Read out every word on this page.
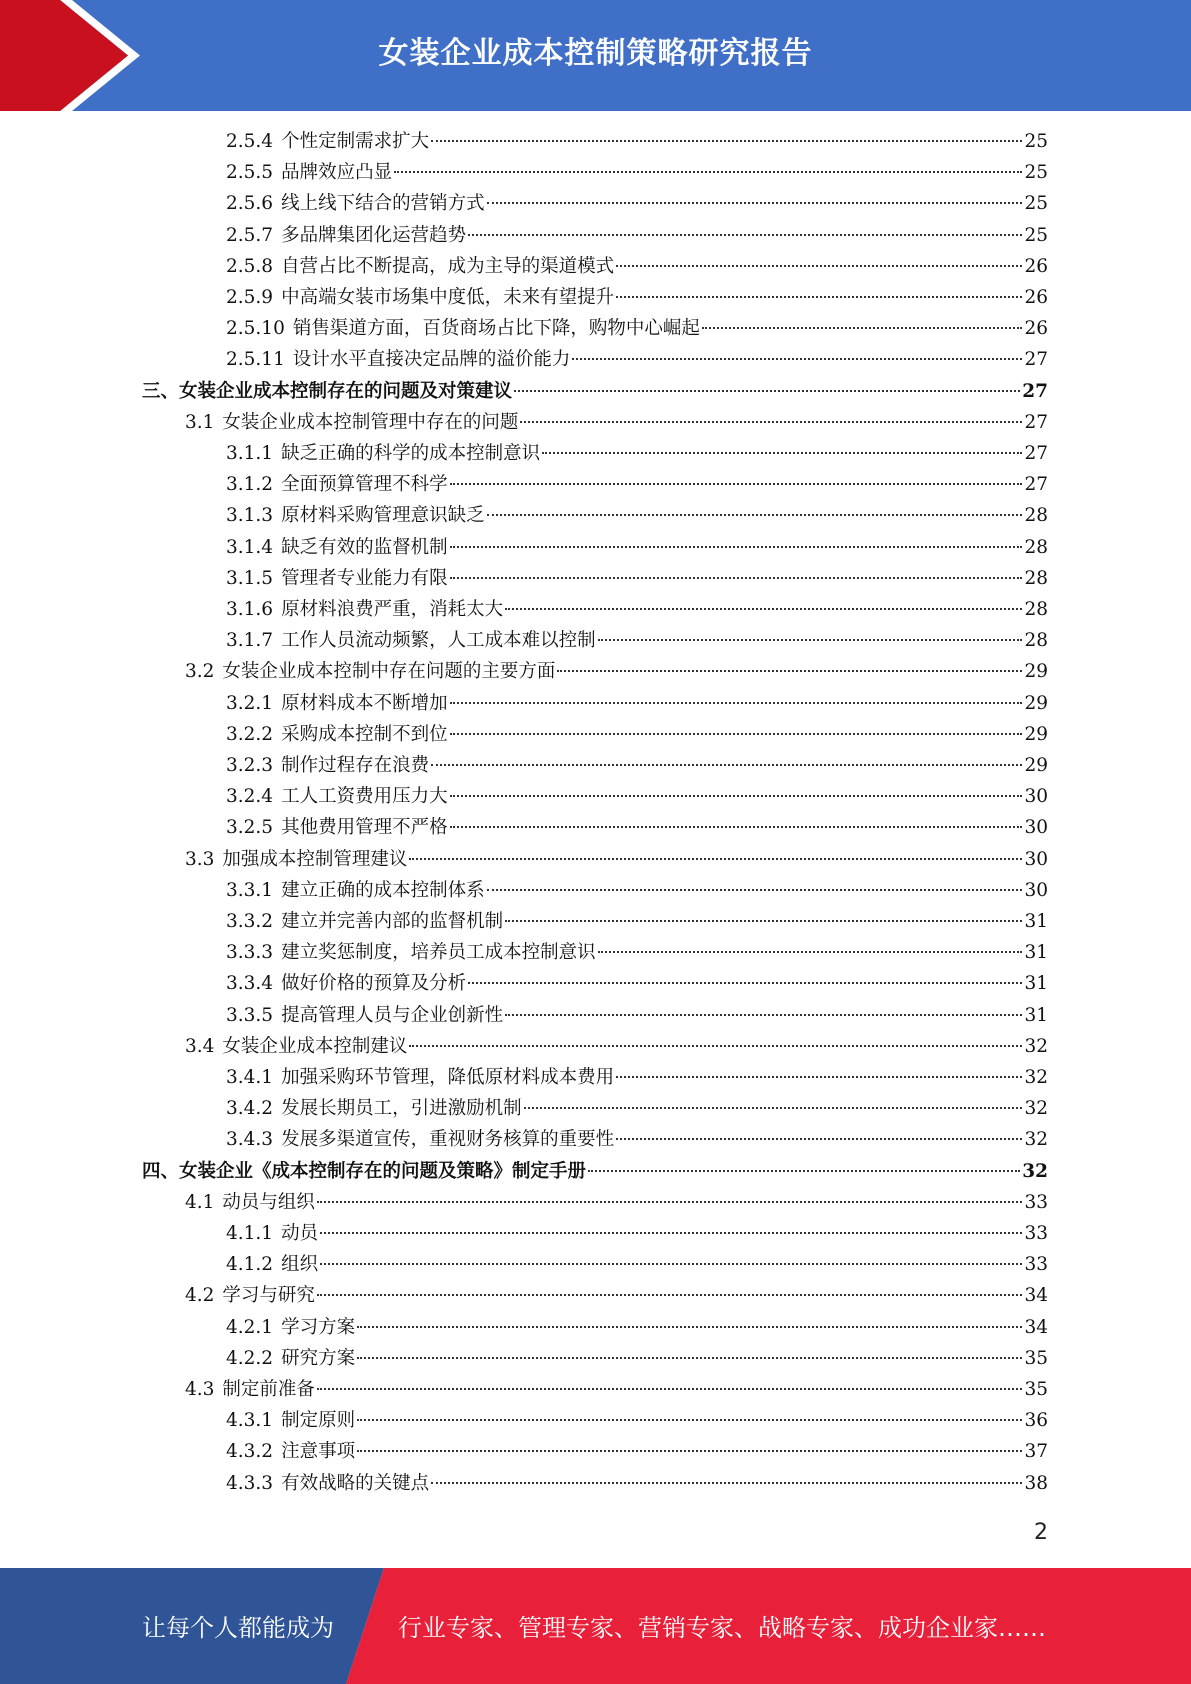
女装企业成本控制策略研究报告
2.5.4 个性定制需求扩大	25
2.5.5 品牌效应凸显	25
2.5.6 线上线下结合的营销方式	25
2.5.7 多品牌集团化运营趋势	25
2.5.8 自营占比不断提高，成为主导的渠道模式	26
2.5.9 中高端女装市场集中度低，未来有望提升	26
2.5.10 销售渠道方面，百货商场占比下降，购物中心崛起	26
2.5.11 设计水平直接决定品牌的溢价能力	27
三、女装企业成本控制存在的问题及对策建议	27
3.1 女装企业成本控制管理中存在的问题	27
3.1.1 缺乏正确的科学的成本控制意识	27
3.1.2 全面预算管理不科学	27
3.1.3 原材料采购管理意识缺乏	28
3.1.4 缺乏有效的监督机制	28
3.1.5 管理者专业能力有限	28
3.1.6 原材料浪费严重，消耗太大	28
3.1.7 工作人员流动频繁，人工成本难以控制	28
3.2 女装企业成本控制中存在问题的主要方面	29
3.2.1 原材料成本不断增加	29
3.2.2 采购成本控制不到位	29
3.2.3 制作过程存在浪费	29
3.2.4 工人工资费用压力大	30
3.2.5 其他费用管理不严格	30
3.3 加强成本控制管理建议	30
3.3.1 建立正确的成本控制体系	30
3.3.2 建立并完善内部的监督机制	31
3.3.3 建立奖惩制度，培养员工成本控制意识	31
3.3.4 做好价格的预算及分析	31
3.3.5 提高管理人员与企业创新性	31
3.4 女装企业成本控制建议	32
3.4.1 加强采购环节管理，降低原材料成本费用	32
3.4.2 发展长期员工，引进激励机制	32
3.4.3 发展多渠道宣传，重视财务核算的重要性	32
四、女装企业《成本控制存在的问题及策略》制定手册	32
4.1 动员与组织	33
4.1.1 动员	33
4.1.2 组织	33
4.2 学习与研究	34
4.2.1 学习方案	34
4.2.2 研究方案	35
4.3 制定前准备	35
4.3.1 制定原则	36
4.3.2 注意事项	37
4.3.3 有效战略的关键点	38
2
让每个人都能成为	行业专家、管理专家、营销专家、战略专家、成功企业家……
